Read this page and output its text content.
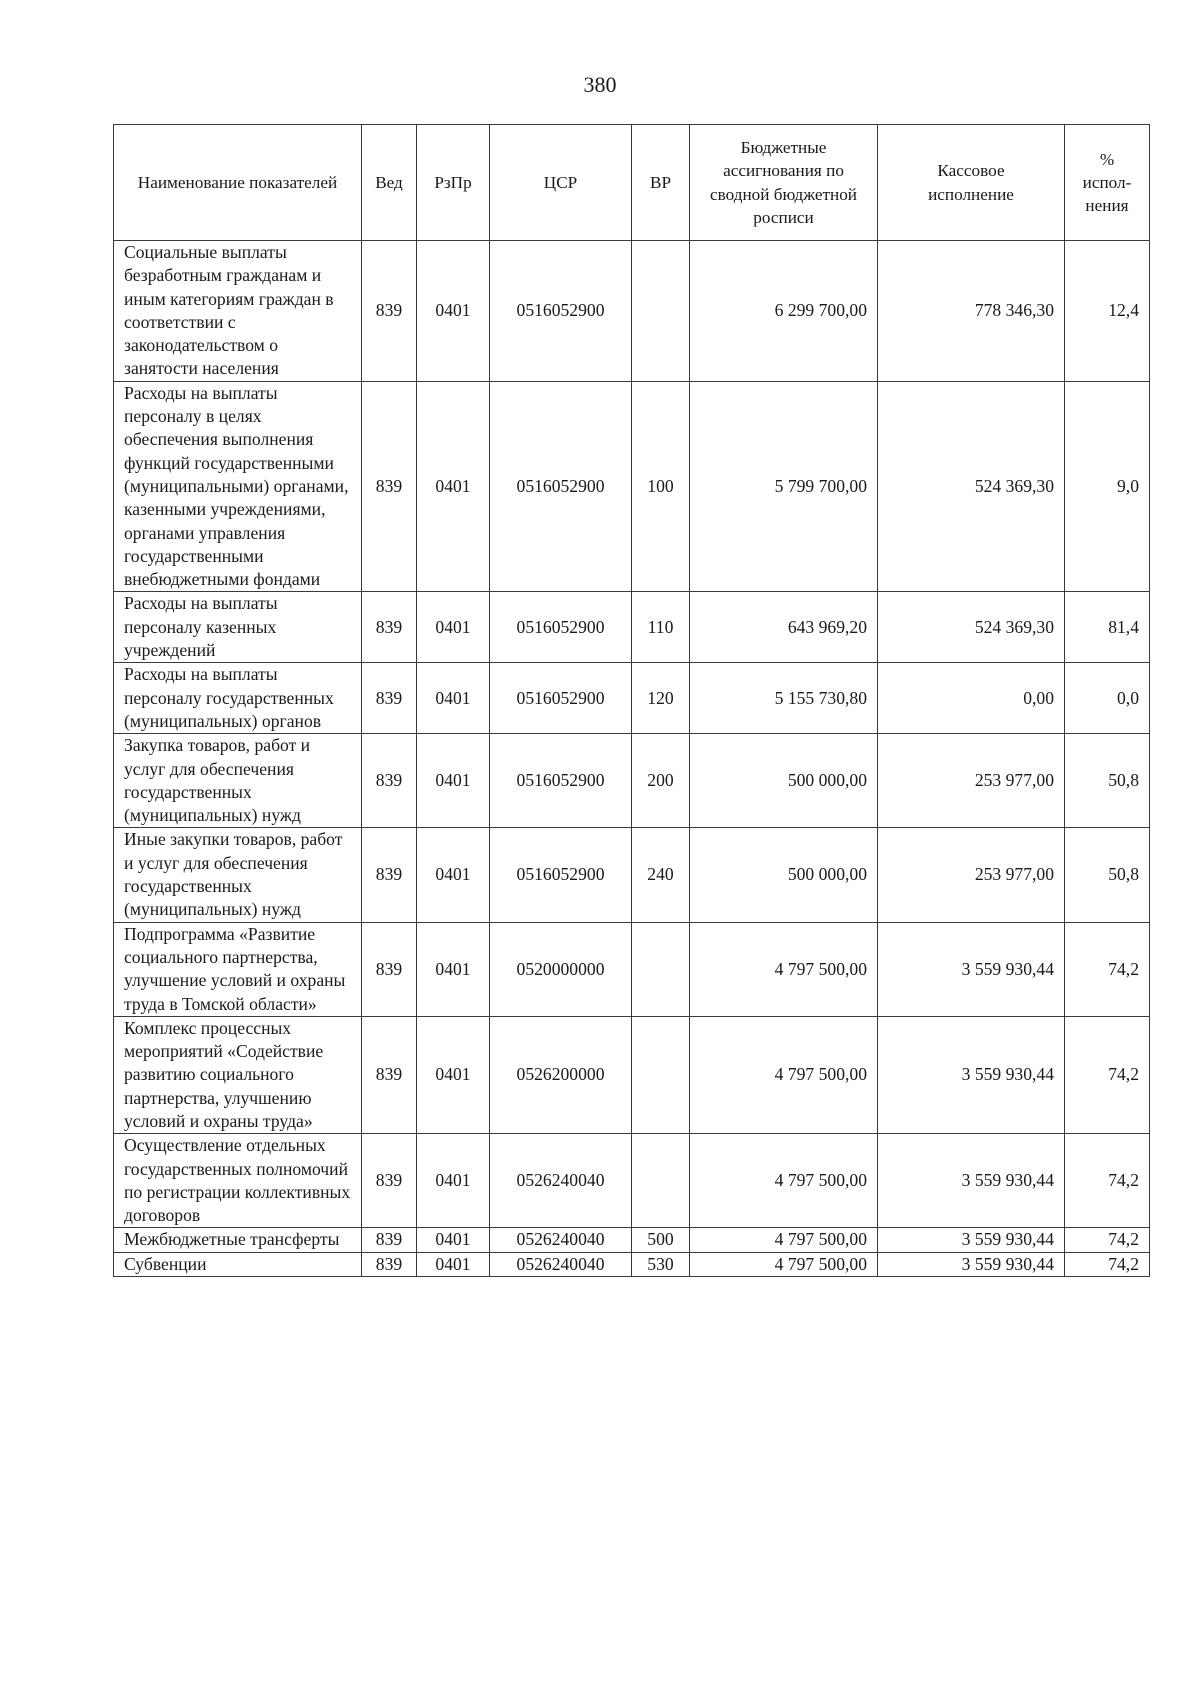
380
Наименование показателей	Вед	РзПр	ЦСР	ВР	Бюджетные ассигнования по сводной бюджетной росписи	Кассовое исполнение	% испол-нения
Социальные выплаты безработным гражданам и иным категориям граждан в соответствии с законодательством о занятости населения	839	0401	0516052900		6 299 700,00	778 346,30	12,4
Расходы на выплаты персоналу в целях обеспечения выполнения функций государственными (муниципальными) органами, казенными учреждениями, органами управления государственными внебюджетными фондами	839	0401	0516052900	100	5 799 700,00	524 369,30	9,0
Расходы на выплаты персоналу казенных учреждений	839	0401	0516052900	110	643 969,20	524 369,30	81,4
Расходы на выплаты персоналу государственных (муниципальных) органов	839	0401	0516052900	120	5 155 730,80	0,00	0,0
Закупка товаров, работ и услуг для обеспечения государственных (муниципальных) нужд	839	0401	0516052900	200	500 000,00	253 977,00	50,8
Иные закупки товаров, работ и услуг для обеспечения государственных (муниципальных) нужд	839	0401	0516052900	240	500 000,00	253 977,00	50,8
Подпрограмма «Развитие социального партнерства, улучшение условий и охраны труда в Томской области»	839	0401	0520000000		4 797 500,00	3 559 930,44	74,2
Комплекс процессных мероприятий «Содействие развитию социального партнерства, улучшению условий и охраны труда»	839	0401	0526200000		4 797 500,00	3 559 930,44	74,2
Осуществление отдельных государственных полномочий по регистрации коллективных договоров	839	0401	0526240040		4 797 500,00	3 559 930,44	74,2
Межбюджетные трансферты	839	0401	0526240040	500	4 797 500,00	3 559 930,44	74,2
Субвенции	839	0401	0526240040	530	4 797 500,00	3 559 930,44	74,2
